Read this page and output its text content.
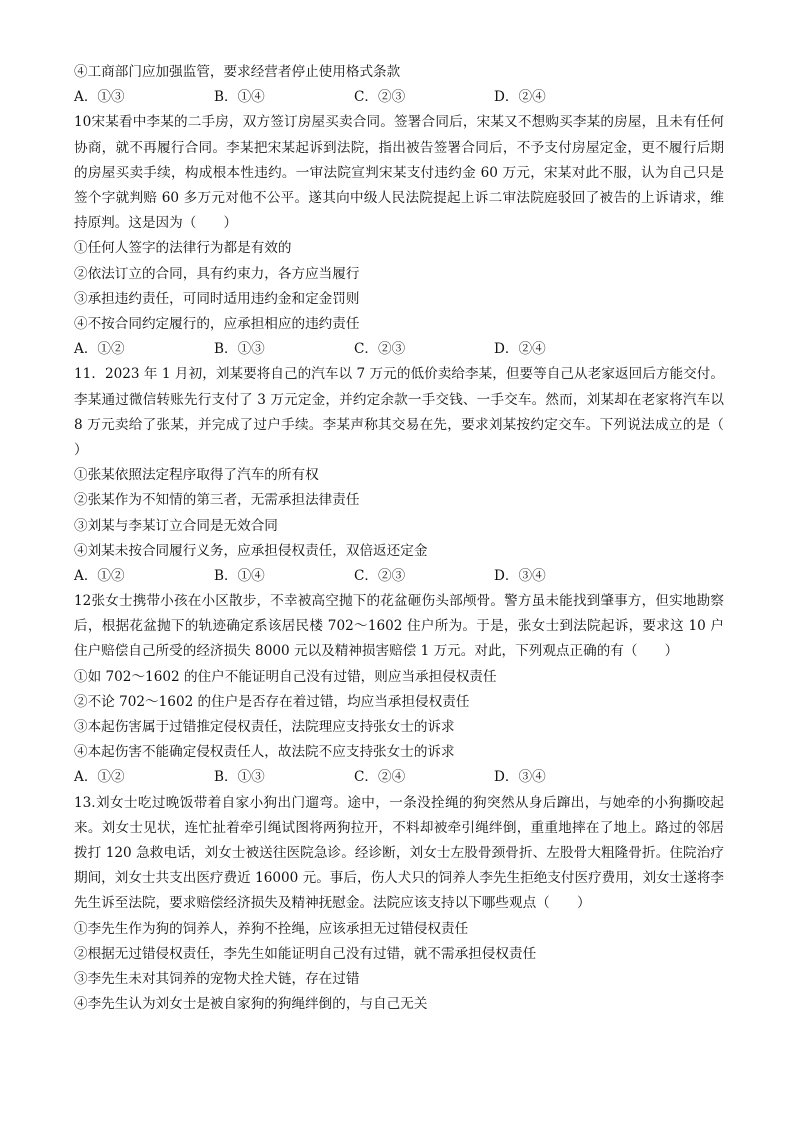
④工商部门应加强监管，要求经营者停止使用格式条款
A．①③	B．①④	C．②③	D．②④
10宋某看中李某的二手房，双方签订房屋买卖合同。签署合同后，宋某又不想购买李某的房屋，且未有任何协商，就不再履行合同。李某把宋某起诉到法院，指出被告签署合同后，不予支付房屋定金，更不履行后期的房屋买卖手续，构成根本性违约。一审法院宣判宋某支付违约金 60 万元，宋某对此不服，认为自己只是签个字就判赔 60 多万元对他不公平。遂其向中级人民法院提起上诉二审法院庭驳回了被告的上诉请求，维持原判。这是因为（　　）
①任何人签字的法律行为都是有效的
②依法订立的合同，具有约束力，各方应当履行
③承担违约责任，可同时适用违约金和定金罚则
④不按合同约定履行的，应承担相应的违约责任
A．①②	B．①③	C．②③	D．②④
11．2023 年 1 月初，刘某要将自己的汽车以 7 万元的低价卖给李某，但要等自己从老家返回后方能交付。李某通过微信转账先行支付了 3 万元定金，并约定余款一手交钱、一手交车。然而，刘某却在老家将汽车以 8 万元卖给了张某，并完成了过户手续。李某声称其交易在先，要求刘某按约定交车。下列说法成立的是（　　）
①张某依照法定程序取得了汽车的所有权
②张某作为不知情的第三者，无需承担法律责任
③刘某与李某订立合同是无效合同
④刘某未按合同履行义务，应承担侵权责任，双倍返还定金
A．①②	B．①④	C．②③	D．③④
12张女士携带小孩在小区散步，不幸被高空抛下的花盆砸伤头部颅骨。警方虽未能找到肇事方，但实地勘察后，根据花盆抛下的轨迹确定系该居民楼 702～1602 住户所为。于是，张女士到法院起诉，要求这 10 户住户赔偿自己所受的经济损失 8000 元以及精神损害赔偿 1 万元。对此，下列观点正确的有（　　）
①如 702～1602 的住户不能证明自己没有过错，则应当承担侵权责任
②不论 702～1602 的住户是否存在着过错，均应当承担侵权责任
③本起伤害属于过错推定侵权责任，法院理应支持张女士的诉求
④本起伤害不能确定侵权责任人，故法院不应支持张女士的诉求
A．①②	B．①③	C．②④	D．③④
13.刘女士吃过晚饭带着自家小狗出门遛弯。途中，一条没拴绳的狗突然从身后蹿出，与她牵的小狗撕咬起来。刘女士见状，连忙扯着牵引绳试图将两狗拉开，不料却被牵引绳绊倒，重重地摔在了地上。路过的邻居拨打 120 急救电话，刘女士被送往医院急诊。经诊断，刘女士左股骨颈骨折、左股骨大粗隆骨折。住院治疗期间，刘女士共支出医疗费近 16000 元。事后，伤人犬只的饲养人李先生拒绝支付医疗费用，刘女士遂将李先生诉至法院，要求赔偿经济损失及精神抚慰金。法院应该支持以下哪些观点（　　）
①李先生作为狗的饲养人，养狗不拴绳，应该承担无过错侵权责任
②根据无过错侵权责任，李先生如能证明自己没有过错，就不需承担侵权责任
③李先生未对其饲养的宠物犬拴犬链，存在过错
④李先生认为刘女士是被自家狗的狗绳绊倒的，与自己无关
